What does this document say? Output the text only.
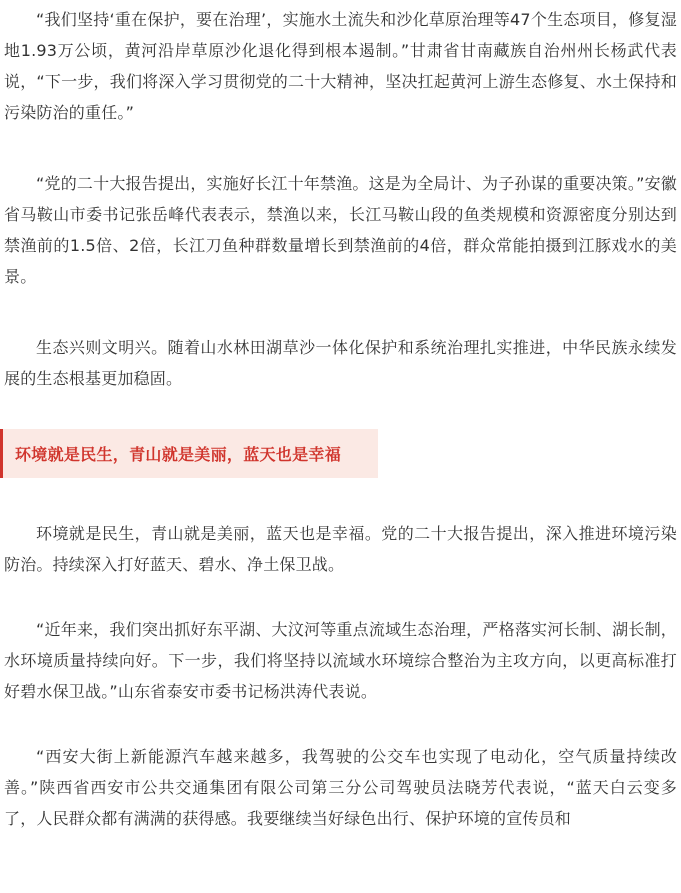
“我们坚持‘重在保护，要在治理’，实施水土流失和沙化草原治理等47个生态项目，修复湿地1.93万公顷，黄河沿岸草原沙化退化得到根本遏制。”甘肃省甘南藏族自治州州长杨武代表说，“下一步，我们将深入学习贯彻党的二十大精神，坚决扛起黄河上游生态修复、水土保持和污染防治的重任。”

“党的二十大报告提出，实施好长江十年禁渔。这是为全局计、为子孙谋的重要决策。”安徽省马鞍山市委书记张岳峰代表表示，禁渔以来，长江马鞍山段的鱼类规模和资源密度分别达到禁渔前的1.5倍、2倍，长江刀鱼种群数量增长到禁渔前的4倍，群众常能拍摄到江豚戏水的美景。

生态兴则文明兴。随着山水林田湖草沙一体化保护和系统治理扎实推进，中华民族永续发展的生态根基更加稳固。

环境就是民生，青山就是美丽，蓝天也是幸福

环境就是民生，青山就是美丽，蓝天也是幸福。党的二十大报告提出，深入推进环境污染防治。持续深入打好蓝天、碧水、净土保卫战。

“近年来，我们突出抓好东平湖、大汶河等重点流域生态治理，严格落实河长制、湖长制，水环境质量持续向好。下一步，我们将坚持以流域水环境综合整治为主攻方向，以更高标准打好碧水保卫战。”山东省泰安市委书记杨洪涛代表说。

“西安大街上新能源汽车越来越多，我驾驶的公交车也实现了电动化，空气质量持续改善。”陕西省西安市公共交通集团有限公司第三分公司驾驶员法晓芳代表说，“蓝天白云变多了，人民群众都有满满的获得感。我要继续当好绿色出行、保护环境的宣传员和
